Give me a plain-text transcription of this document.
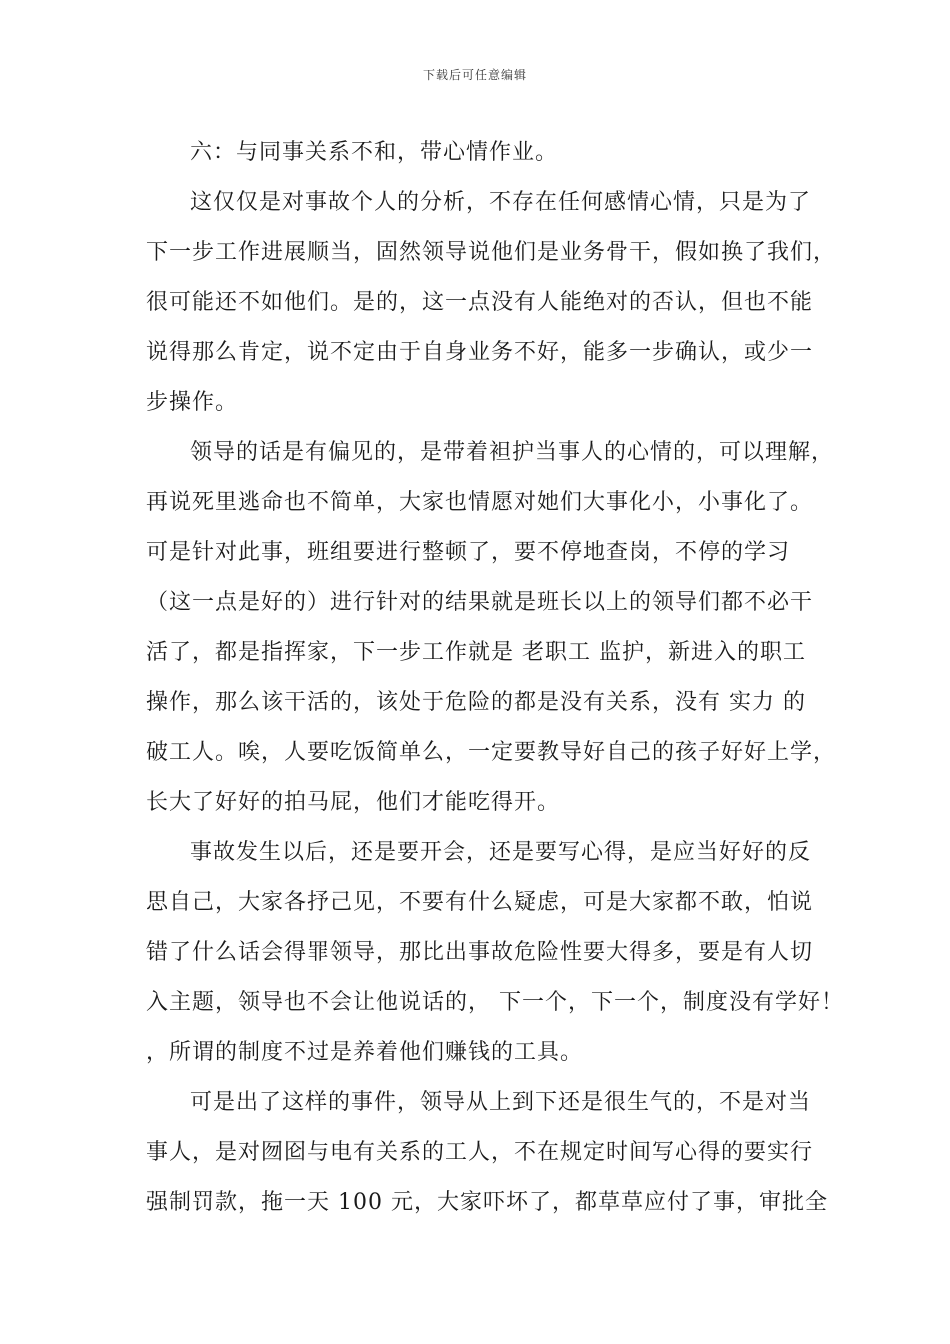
下载后可任意编辑
六：与同事关系不和，带心情作业。
这仅仅是对事故个人的分析，不存在任何感情心情，只是为了
下一步工作进展顺当，固然领导说他们是业务骨干，假如换了我们，
很可能还不如他们。是的，这一点没有人能绝对的否认，但也不能
说得那么肯定，说不定由于自身业务不好，能多一步确认，或少一
步操作。
领导的话是有偏见的，是带着袒护当事人的心情的，可以理解，
再说死里逃命也不简单，大家也情愿对她们大事化小，小事化了。
可是针对此事，班组要进行整顿了，要不停地查岗，不停的学习
（这一点是好的）进行针对的结果就是班长以上的领导们都不必干
活了，都是指挥家，下一步工作就是 老职工 监护，新进入的职工
操作，那么该干活的，该处于危险的都是没有关系，没有 实力 的
破工人。唉，人要吃饭简单么，一定要教导好自己的孩子好好上学，
长大了好好的拍马屁，他们才能吃得开。
事故发生以后，还是要开会，还是要写心得，是应当好好的反
思自己，大家各抒己见，不要有什么疑虑，可是大家都不敢，怕说
错了什么话会得罪领导，那比出事故危险性要大得多，要是有人切
入主题，领导也不会让他说话的， 下一个，下一个，制度没有学好！
，所谓的制度不过是养着他们赚钱的工具。
可是出了这样的事件，领导从上到下还是很生气的，不是对当
事人，是对囫囵与电有关系的工人，不在规定时间写心得的要实行
强制罚款，拖一天 100 元，大家吓坏了，都草草应付了事，审批全
